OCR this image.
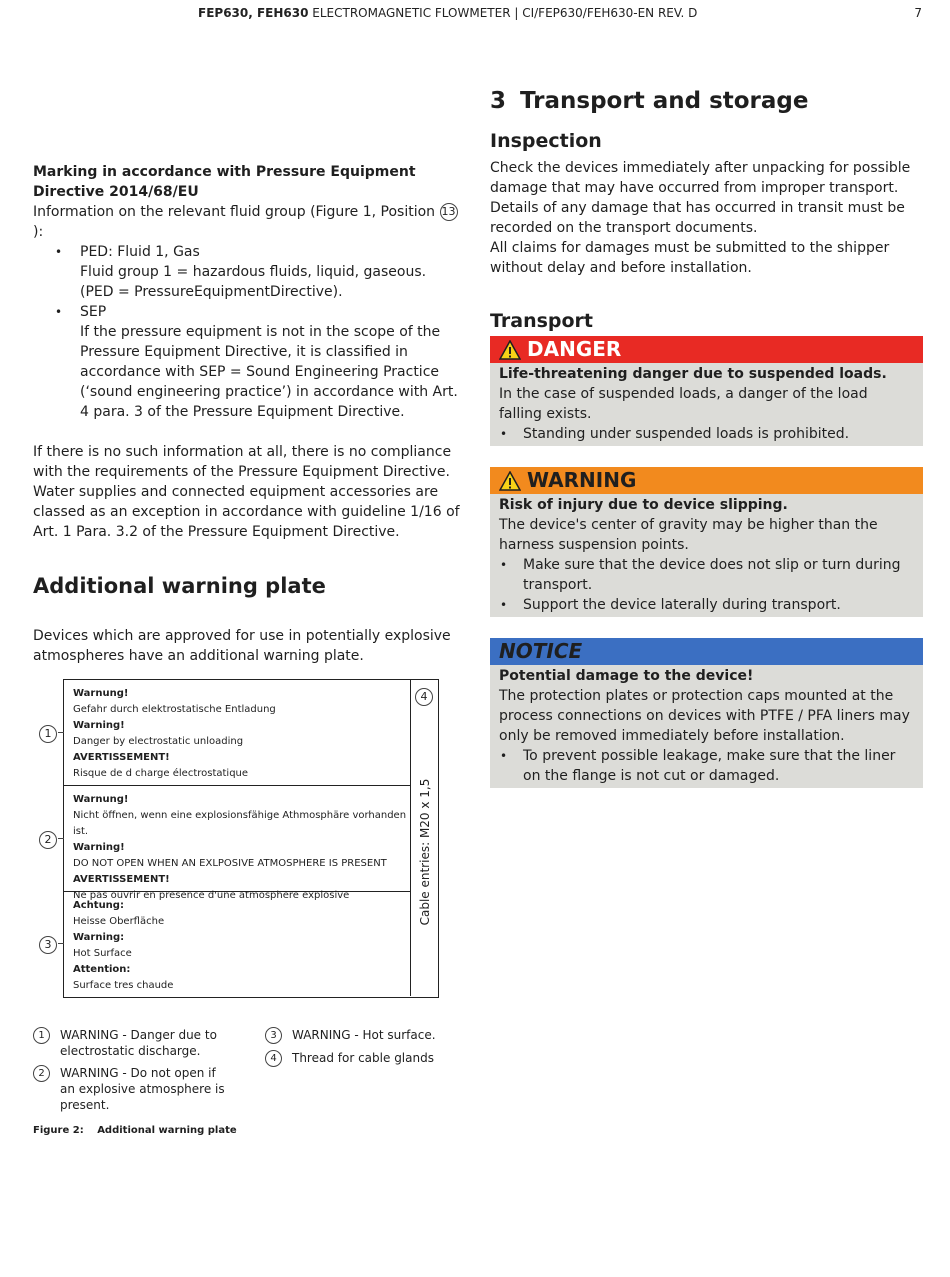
FEP630, FEH630 ELECTROMAGNETIC FLOWMETER | CI/FEP630/FEH630-EN REV. D	7
Marking in accordance with Pressure Equipment Directive 2014/68/EU
Information on the relevant fluid group (Figure 1, Position 13):
• PED: Fluid 1, Gas
Fluid group 1 = hazardous fluids, liquid, gaseous. (PED = PressureEquipmentDirective).
• SEP
If the pressure equipment is not in the scope of the Pressure Equipment Directive, it is classified in accordance with SEP = Sound Engineering Practice (‘sound engineering practice’) in accordance with Art. 4 para. 3 of the Pressure Equipment Directive.
If there is no such information at all, there is no compliance with the requirements of the Pressure Equipment Directive.
Water supplies and connected equipment accessories are classed as an exception in accordance with guideline 1/16 of Art. 1 Para. 3.2 of the Pressure Equipment Directive.
Additional warning plate
Devices which are approved for use in potentially explosive atmospheres have an additional warning plate.
Warnung!
Gefahr durch elektrostatische Entladung
Warning!
Danger by electrostatic unloading
AVERTISSEMENT!
Risque de d charge électrostatique
Warnung!
Nicht öffnen, wenn eine explosionsfähige Athmosphäre vorhanden ist.
Warning!
DO NOT OPEN WHEN AN EXLPOSIVE ATMOSPHERE IS PRESENT
AVERTISSEMENT!
Ne pas ouvrir en presence d'une atmosphere explosive
Achtung:
Heisse Oberfläche
Warning:
Hot Surface
Attention:
Surface tres chaude
4
Cable entries: M20 x 1,5
1
2
3
1	WARNING - Danger due to electrostatic discharge.
2	WARNING - Do not open if an explosive atmosphere is present.
3	WARNING - Hot surface.
4	Thread for cable glands
Figure 2: Additional warning plate
3 Transport and storage
Inspection
Check the devices immediately after unpacking for possible damage that may have occurred from improper transport.
Details of any damage that has occurred in transit must be recorded on the transport documents.
All claims for damages must be submitted to the shipper without delay and before installation.
Transport
DANGER
Life-threatening danger due to suspended loads.
In the case of suspended loads, a danger of the load falling exists.
• Standing under suspended loads is prohibited.
WARNING
Risk of injury due to device slipping.
The device's center of gravity may be higher than the harness suspension points.
• Make sure that the device does not slip or turn during transport.
• Support the device laterally during transport.
NOTICE
Potential damage to the device!
The protection plates or protection caps mounted at the process connections on devices with PTFE / PFA liners may only be removed immediately before installation.
• To prevent possible leakage, make sure that the liner on the flange is not cut or damaged.
